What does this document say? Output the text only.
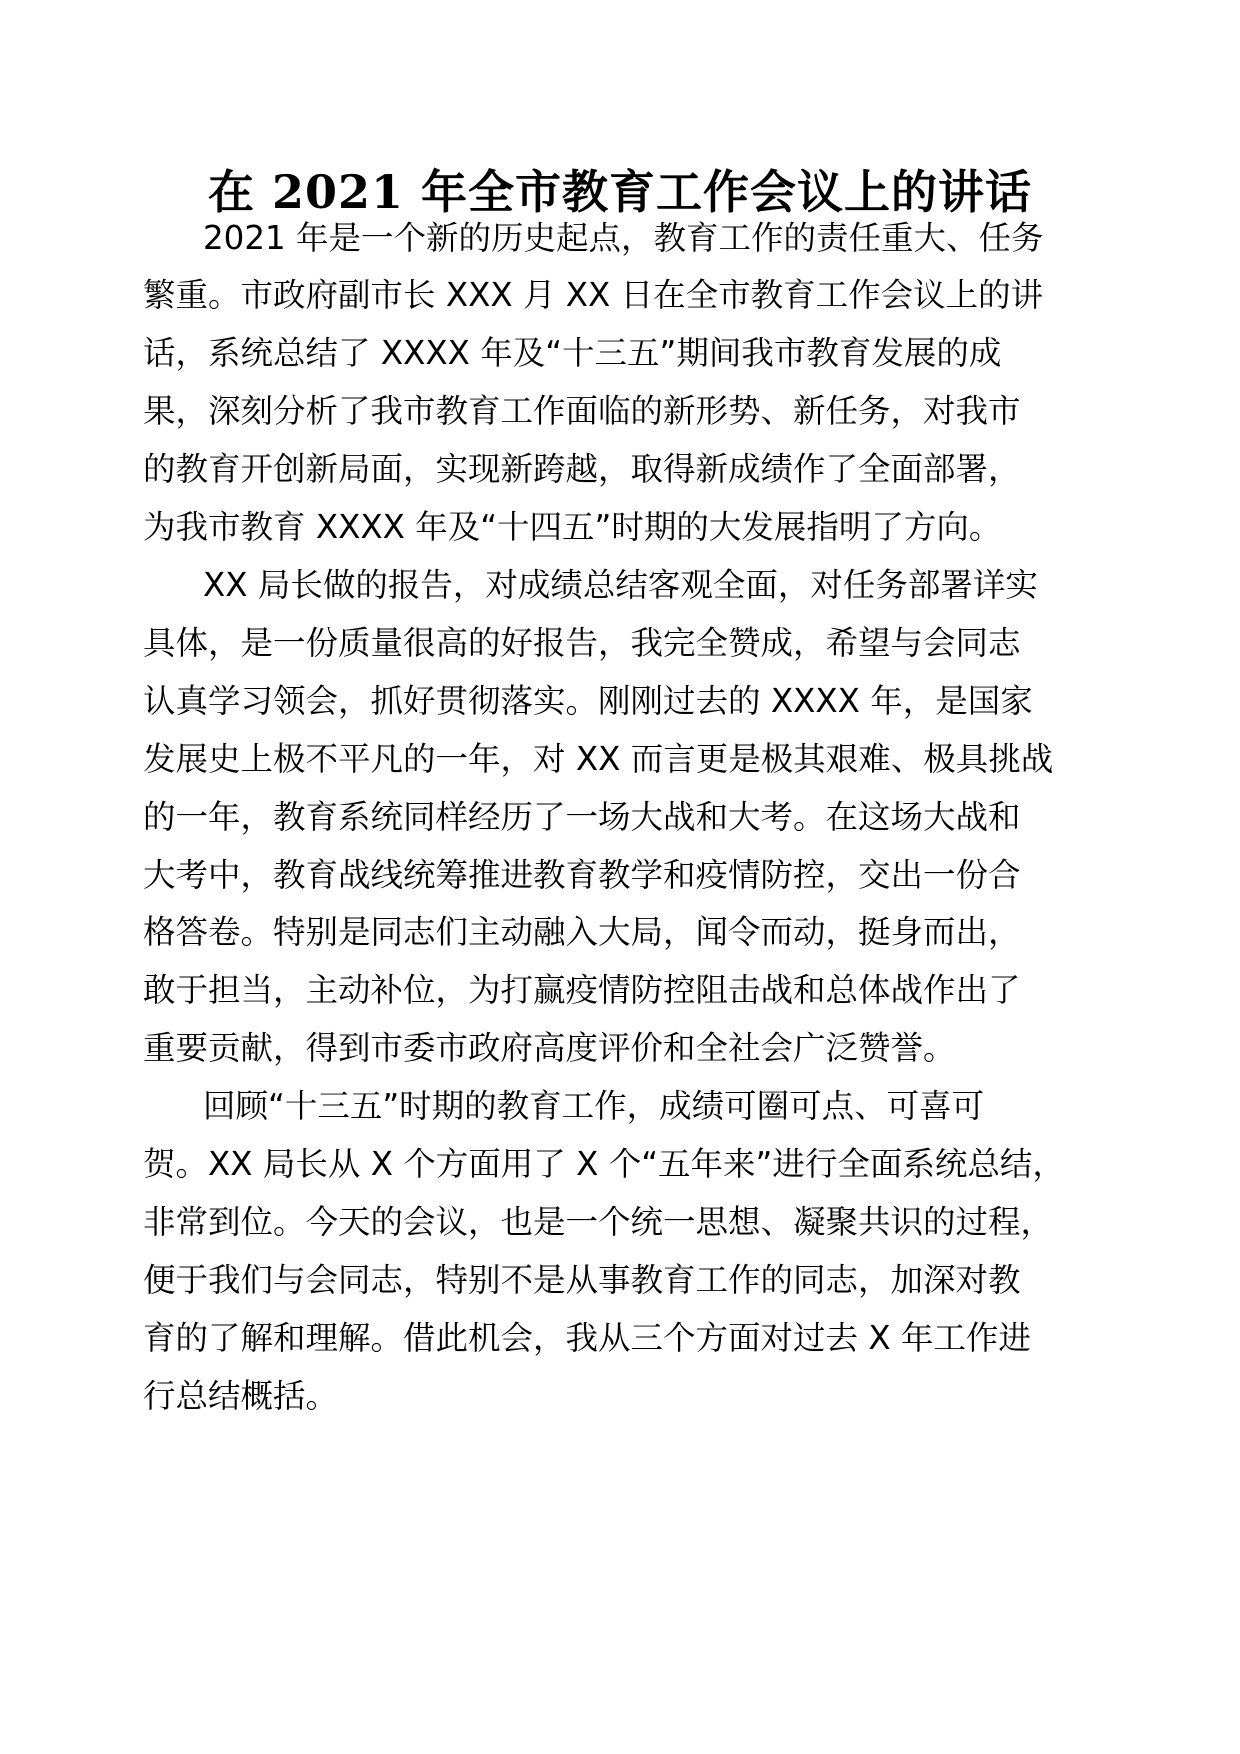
在 2021 年全市教育工作会议上的讲话

2021 年是一个新的历史起点，教育工作的责任重大、任务

繁重。市政府副市长 XXX 月 XX 日在全市教育工作会议上的讲

话，系统总结了 XXXX 年及“十三五”期间我市教育发展的成

果，深刻分析了我市教育工作面临的新形势、新任务，对我市

的教育开创新局面，实现新跨越，取得新成绩作了全面部署，

为我市教育 XXXX 年及“十四五”时期的大发展指明了方向。

XX 局长做的报告，对成绩总结客观全面，对任务部署详实

具体，是一份质量很高的好报告，我完全赞成，希望与会同志

认真学习领会，抓好贯彻落实。刚刚过去的 XXXX 年，是国家

发展史上极不平凡的一年，对 XX 而言更是极其艰难、极具挑战

的一年，教育系统同样经历了一场大战和大考。在这场大战和

大考中，教育战线统筹推进教育教学和疫情防控，交出一份合

格答卷。特别是同志们主动融入大局，闻令而动，挺身而出，

敢于担当，主动补位，为打赢疫情防控阻击战和总体战作出了

重要贡献，得到市委市政府高度评价和全社会广泛赞誉。

回顾“十三五”时期的教育工作，成绩可圈可点、可喜可

贺。XX 局长从 X 个方面用了 X 个“五年来”进行全面系统总结，

非常到位。今天的会议，也是一个统一思想、凝聚共识的过程，

便于我们与会同志，特别不是从事教育工作的同志，加深对教

育的了解和理解。借此机会，我从三个方面对过去 X 年工作进

行总结概括。
